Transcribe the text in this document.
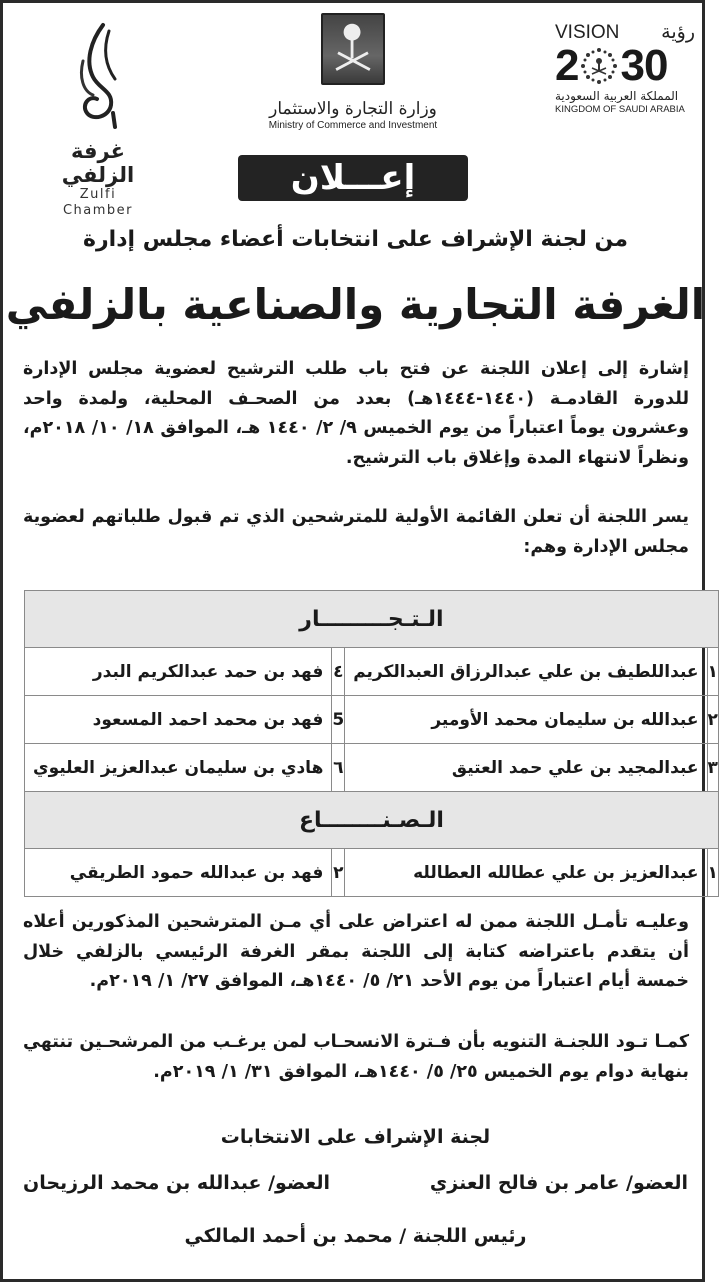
غرفة الزلفي
Zulfi Chamber
وزارة التجارة والاستثمار
Ministry of Commerce and Investment
VISION رؤية
2 30
المملكة العربية السعودية
KINGDOM OF SAUDI ARABIA
إعـــلان
من لجنة الإشراف على انتخابات أعضاء مجلس إدارة
الغرفة التجارية والصناعية بالزلفي

إشارة إلى إعلان اللجنة عن فتح باب طلب الترشيح لعضوية مجلس الإدارة للدورة القادمـة (١٤٤٠-١٤٤٤هـ) بعدد من الصحـف المحلية، ولمدة واحد وعشرون يوماً اعتباراً من يوم الخميس ٩/ ٢/ ١٤٤٠ هـ، الموافق ١٨/ ١٠/ ٢٠١٨م، ونظراً لانتهاء المدة وإغلاق باب الترشيح.

يسر اللجنة أن تعلن القائمة الأولية للمترشحين الذي تم قبول طلباتهم لعضوية مجلس الإدارة وهم:

الـتـجـــــــــار			
١	عبداللطيف بن علي عبدالرزاق العبدالكريم	٤	فهد بن حمد عبدالكريم البدر
٢	عبدالله بن سليمان محمد الأومير	5	فهد بن محمد احمد المسعود
٣	عبدالمجيد بن علي حمد العتيق	٦	هادي بن سليمان عبدالعزيز العليوي
الـصـنــــــــاع			
١	عبدالعزيز بن علي عطالله العطالله	٢	فهد بن عبدالله حمود الطريقي

وعليـه تأمـل اللجنة ممن له اعتراض على أي مـن المترشحين المذكورين أعلاه أن يتقدم باعتراضه كتابة إلى اللجنة بمقر الغرفة الرئيسي بالزلفي خلال خمسة أيام اعتباراً من يوم الأحد ٢١/ ٥/ ١٤٤٠هـ، الموافق ٢٧/ ١/ ٢٠١٩م.

كمـا تـود اللجنـة التنويه بأن فـترة الانسحـاب لمن يرغـب من المرشحـين تنتهي بنهاية دوام يوم الخميس ٢٥/ ٥/ ١٤٤٠هـ، الموافق ٣١/ ١/ ٢٠١٩م.

لجنة الإشراف على الانتخابات
العضو/ عامر بن فالح العنزي
العضو/ عبدالله بن محمد الرزيحان
رئيس اللجنة / محمد بن أحمد المالكي
